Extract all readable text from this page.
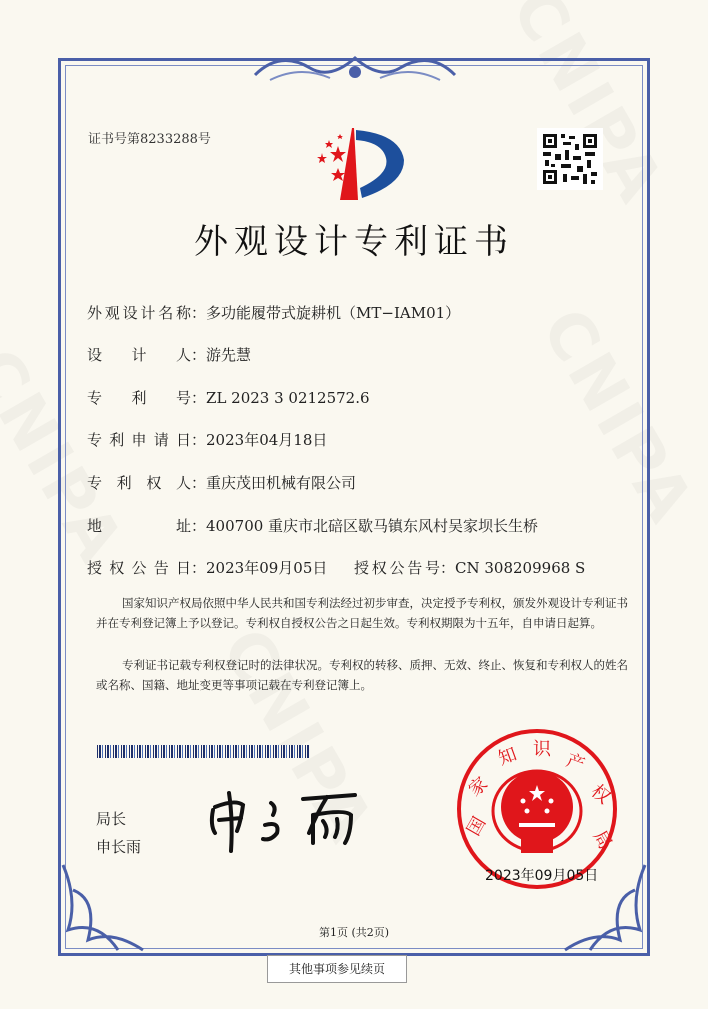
证书号第8233288号
外观设计专利证书
外观设计名称：多功能履带式旋耕机（MT−IAM01）
设计人：游先慧
专利号：ZL 2023 3 0212572.6
专利申请日：2023年04月18日
专利权人：重庆茂田机械有限公司
地址：400700 重庆市北碚区歇马镇东风村吴家坝长生桥
授权公告日：2023年09月05日 授权公告号：CN 308209968 S
国家知识产权局依照中华人民共和国专利法经过初步审查，决定授予专利权，颁发外观设计专利证书并在专利登记簿上予以登记。专利权自授权公告之日起生效。专利权期限为十五年，自申请日起算。
专利证书记载专利权登记时的法律状况。专利权的转移、质押、无效、终止、恢复和专利权人的姓名或名称、国籍、地址变更等事项记载在专利登记簿上。
局长
申长雨
国
家
知 识
产
权
局
2023年09月05日
第1页 (共2页)
其他事项参见续页
